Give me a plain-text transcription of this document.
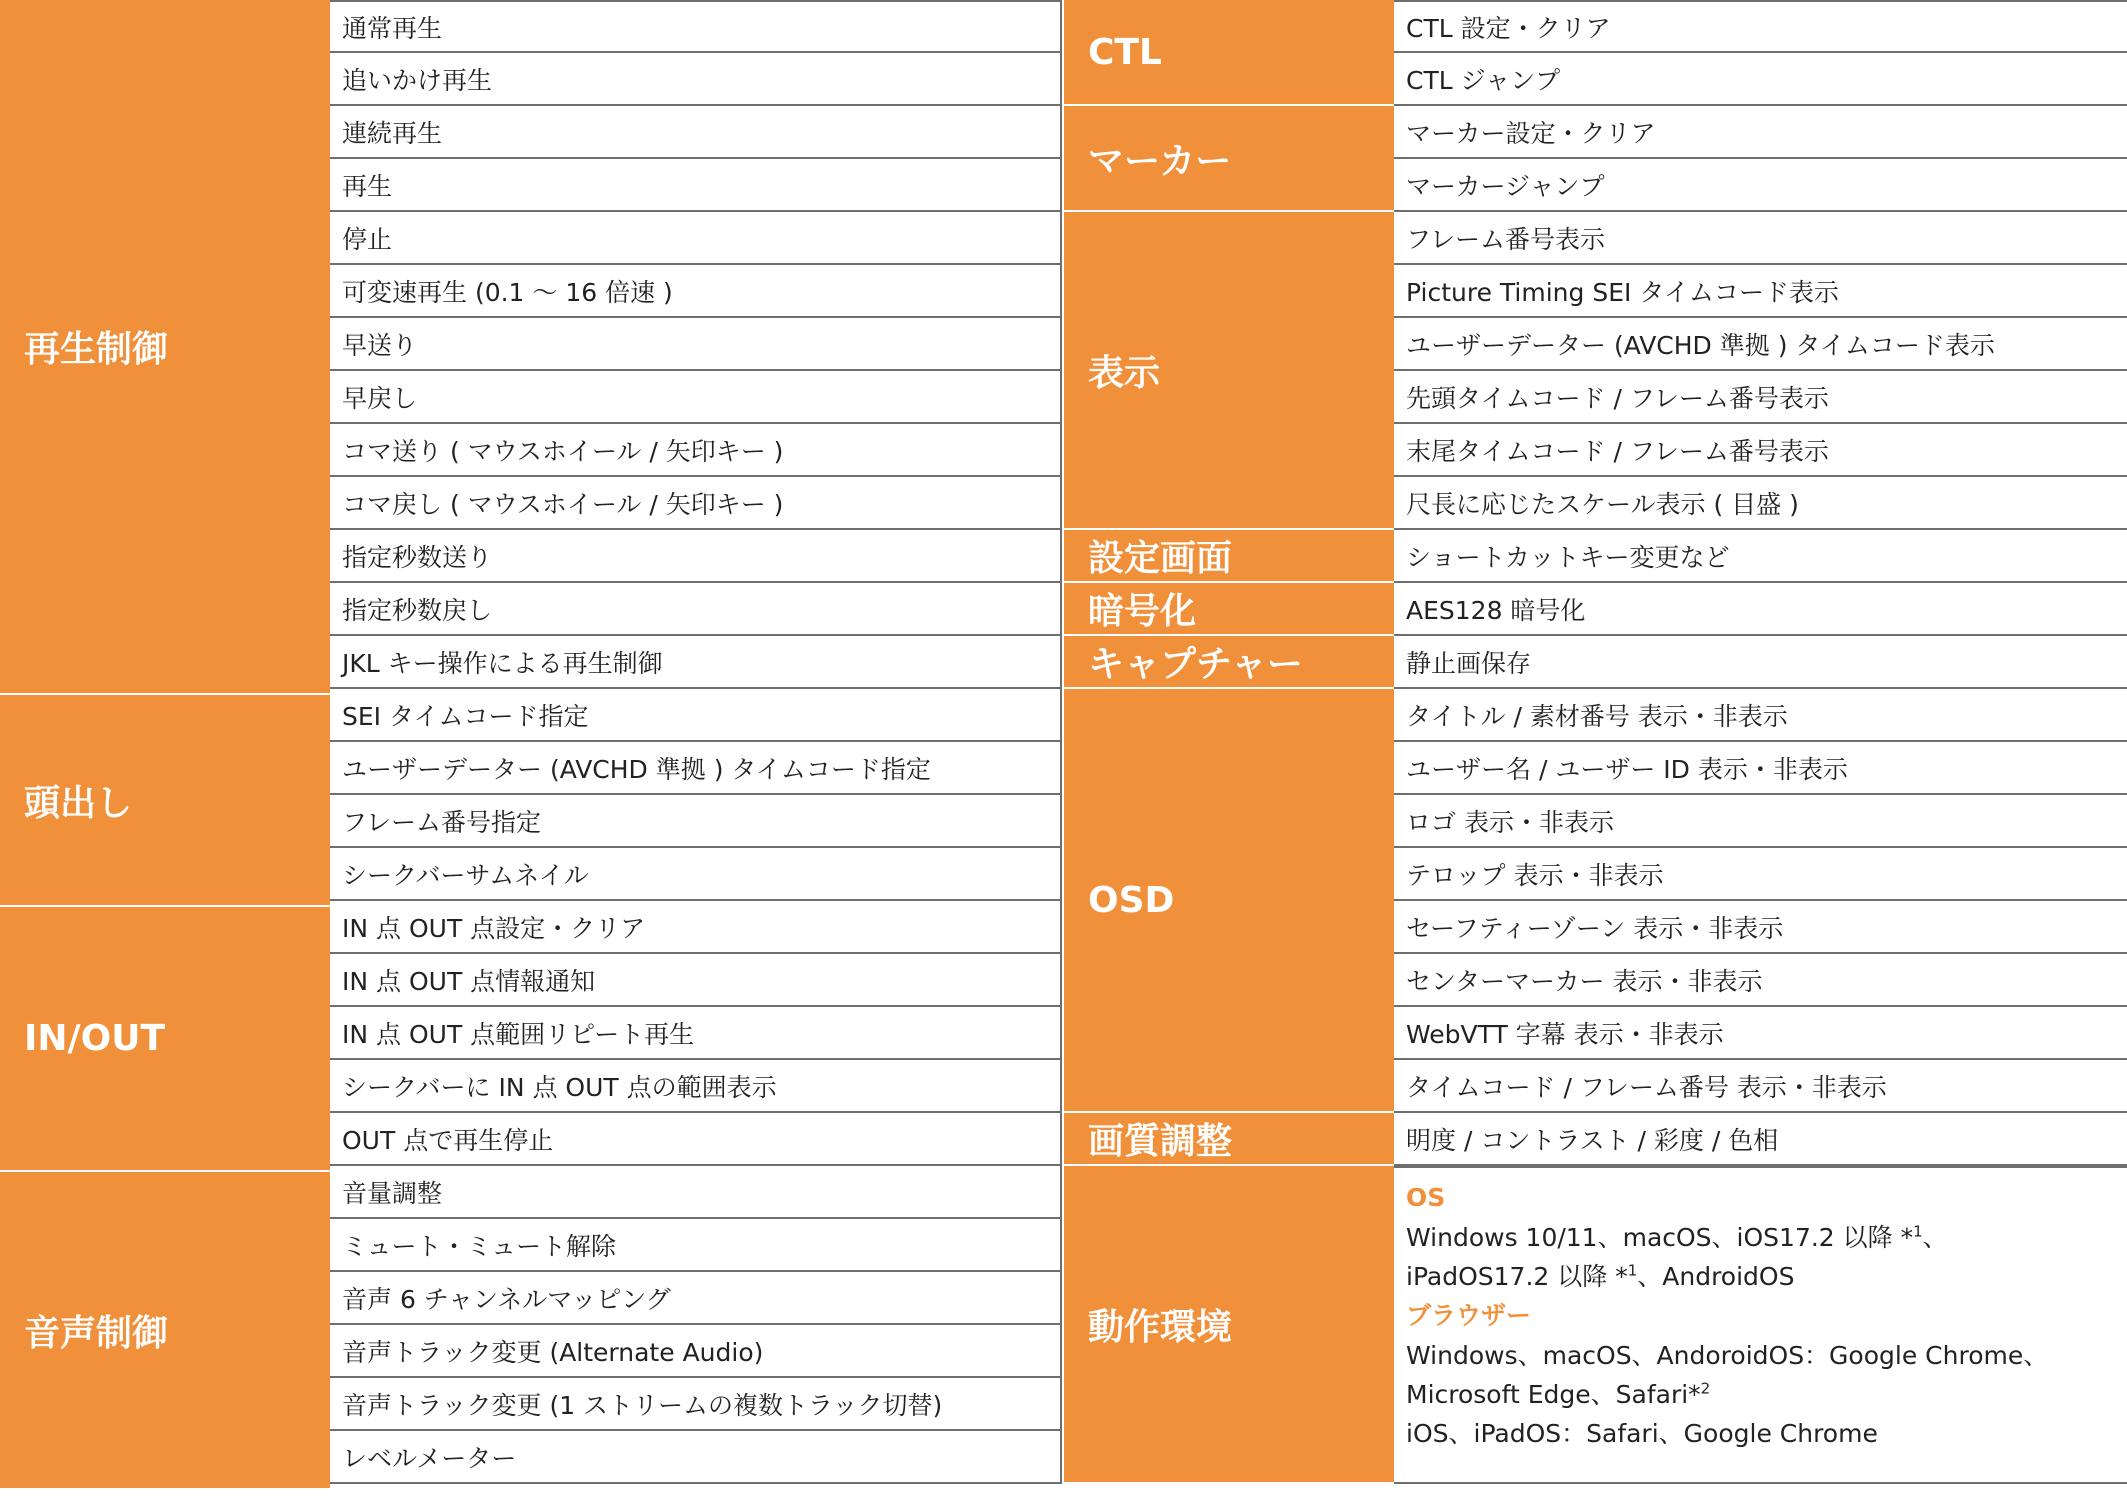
再生制御
頭出し
IN/OUT
音声制御
通常再生
追いかけ再生
連続再生
再生
停止
可変速再生 (0.1 〜 16 倍速 )
早送り
早戻し
コマ送り ( マウスホイール / 矢印キー )
コマ戻し ( マウスホイール / 矢印キー )
指定秒数送り
指定秒数戻し
JKL キー操作による再生制御
SEI タイムコード指定
ユーザーデーター (AVCHD 準拠 ) タイムコード指定
フレーム番号指定
シークバーサムネイル
IN 点 OUT 点設定・クリア
IN 点 OUT 点情報通知
IN 点 OUT 点範囲リピート再生
シークバーに IN 点 OUT 点の範囲表示
OUT 点で再生停止
音量調整
ミュート・ミュート解除
音声 6 チャンネルマッピング
音声トラック変更 (Alternate Audio)
音声トラック変更 (1 ストリームの複数トラック切替)
レベルメーター
CTL
マーカー
表示
設定画面
暗号化
キャプチャー
OSD
画質調整
動作環境
CTL 設定・クリア
CTL ジャンプ
マーカー設定・クリア
マーカージャンプ
フレーム番号表示
Picture Timing SEI タイムコード表示
ユーザーデーター (AVCHD 準拠 ) タイムコード表示
先頭タイムコード / フレーム番号表示
末尾タイムコード / フレーム番号表示
尺長に応じたスケール表示 ( 目盛 )
ショートカットキー変更など
AES128 暗号化
静止画保存
タイトル / 素材番号 表示・非表示
ユーザー名 / ユーザー ID 表示・非表示
ロゴ 表示・非表示
テロップ 表示・非表示
セーフティーゾーン 表示・非表示
センターマーカー 表示・非表示
WebVTT 字幕 表示・非表示
タイムコード / フレーム番号 表示・非表示
明度 / コントラスト / 彩度 / 色相
OS
Windows 10/11、macOS、iOS17.2 以降 *$^1$、
iPadOS17.2 以降 *$^1$、AndroidOS
ブラウザー
Windows、macOS、AndoroidOS：Google Chrome、
Microsoft Edge、Safari*$^2$
iOS、iPadOS：Safari、Google Chrome
